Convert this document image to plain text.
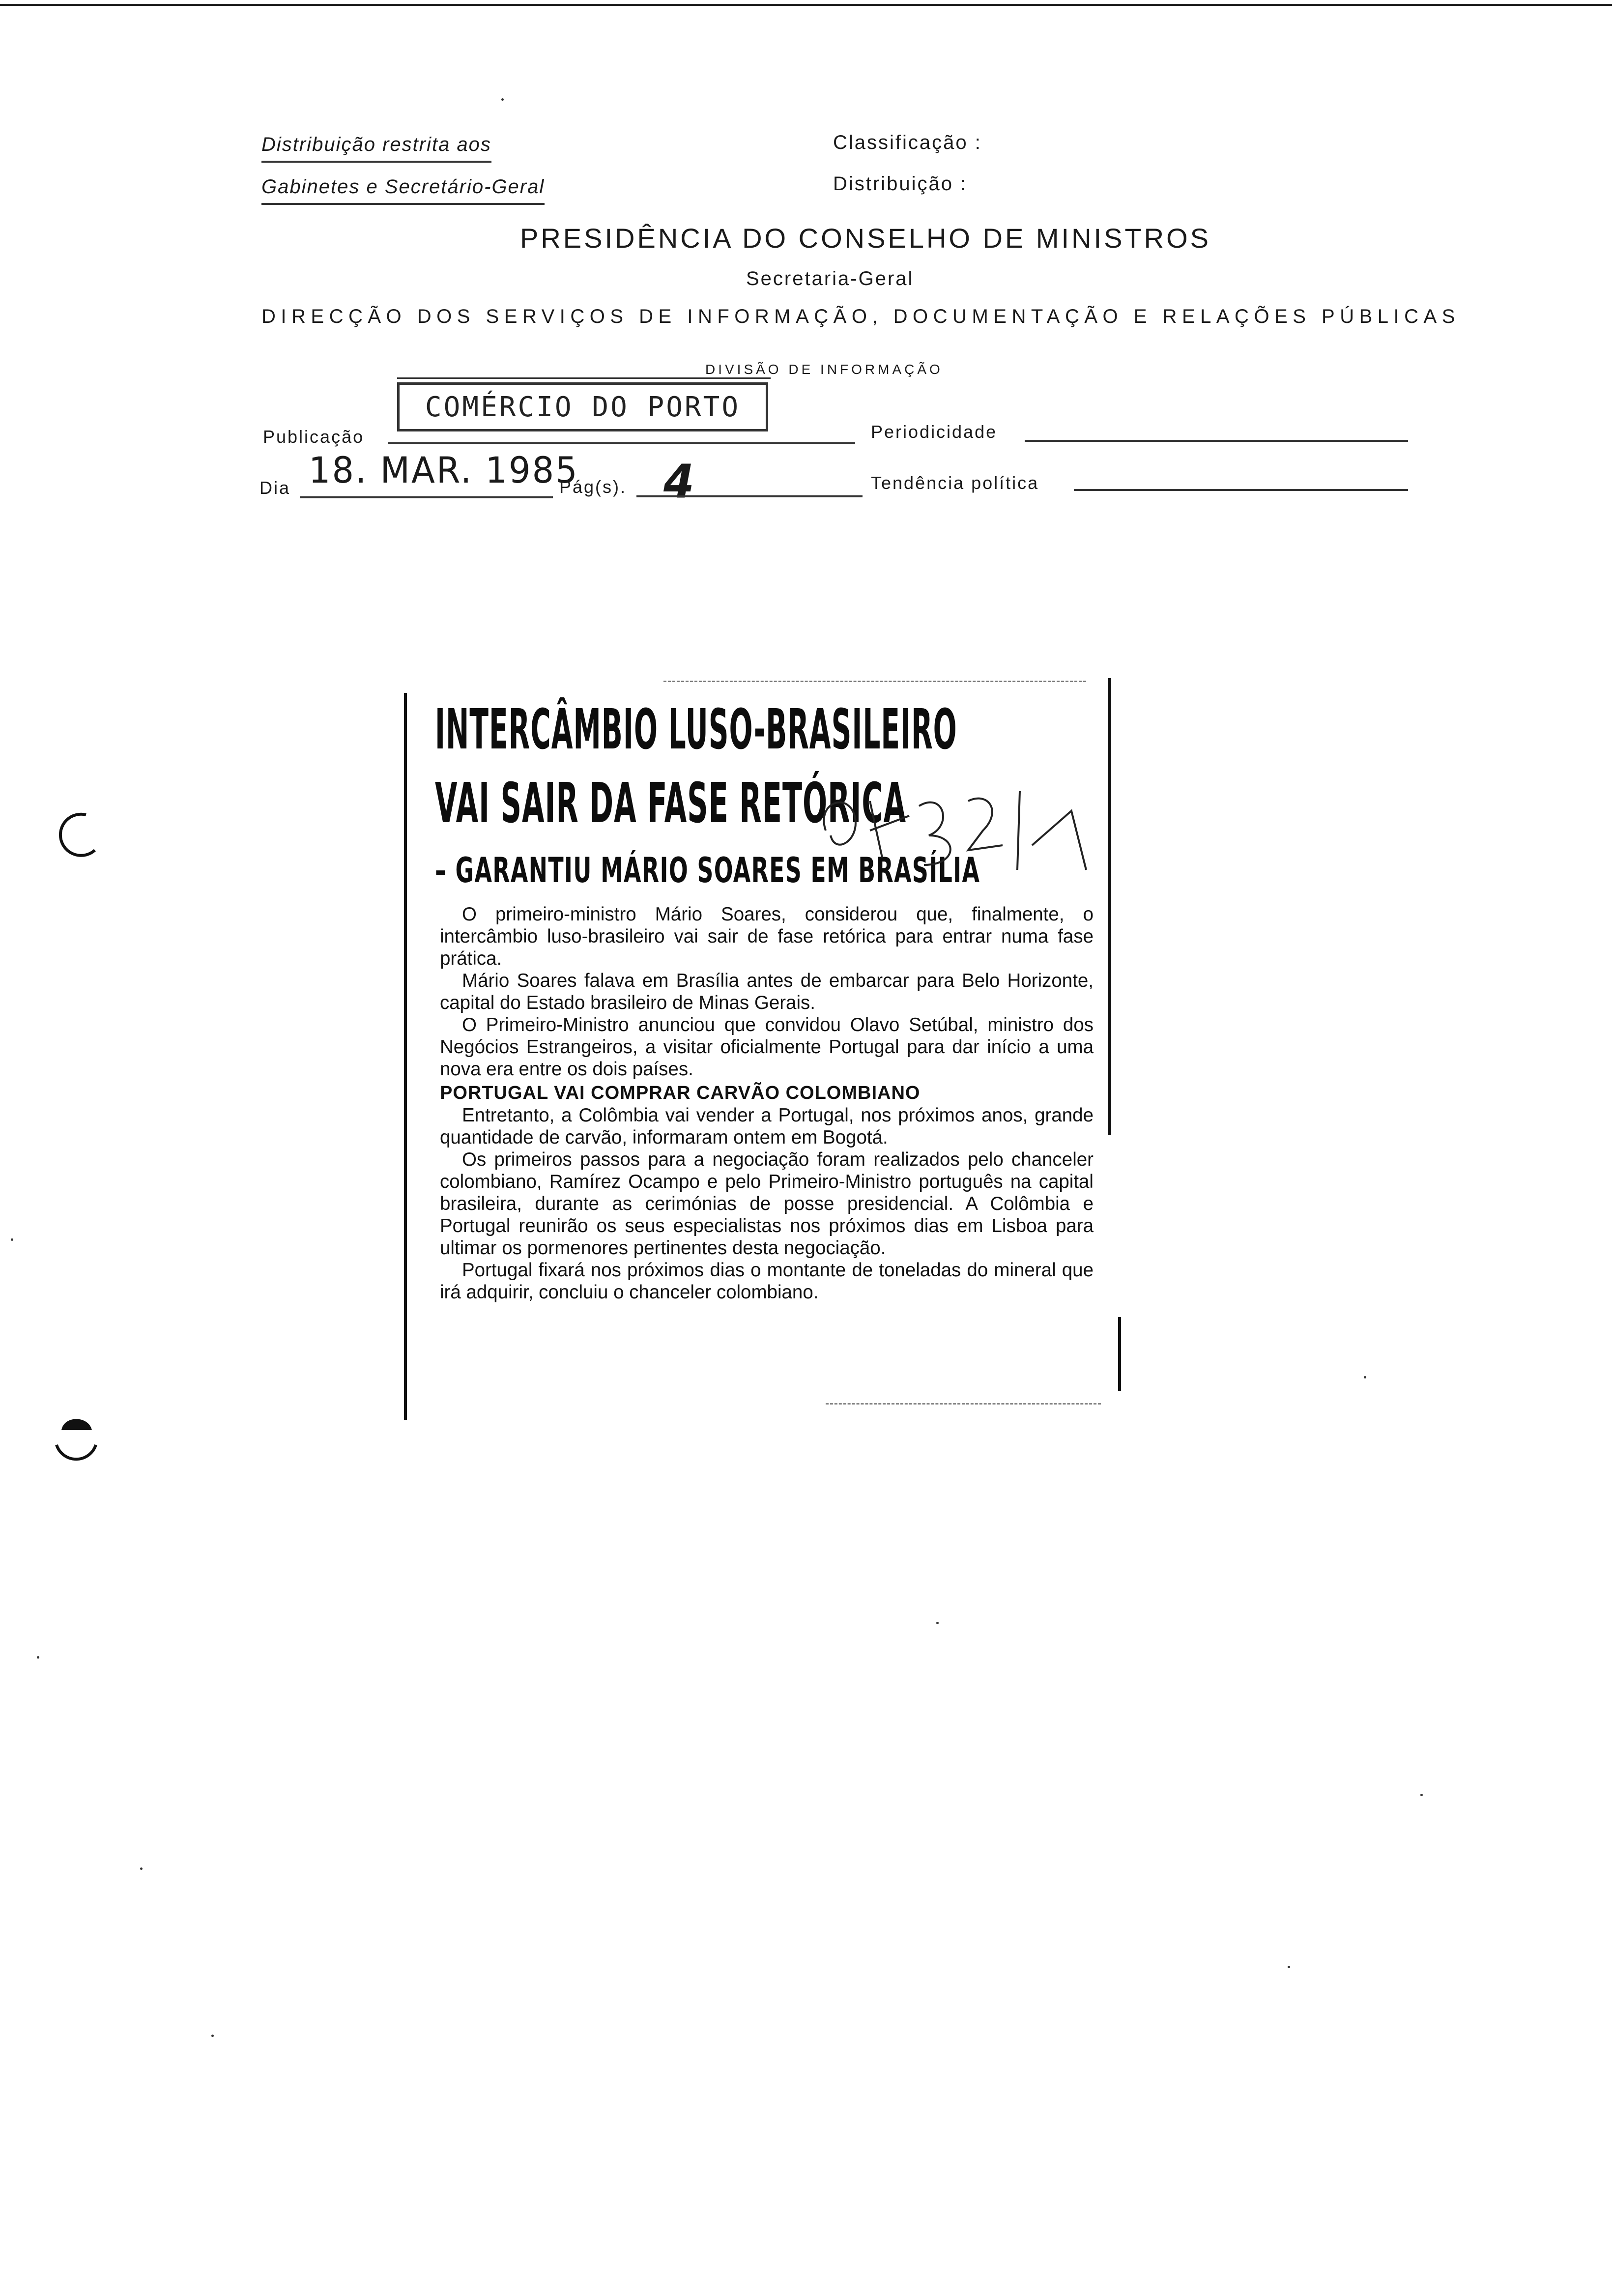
Distribuição restrita aos
Gabinetes e Secretário-Geral
Classificação :
Distribuição :
PRESIDÊNCIA DO CONSELHO DE MINISTROS
Secretaria-Geral
DIRECÇÃO DOS SERVIÇOS DE INFORMAÇÃO, DOCUMENTAÇÃO E RELAÇÕES PÚBLICAS
DIVISÃO DE INFORMAÇÃO
Publicação
COMÉRCIO DO PORTO
Periodicidade
Dia 18. MAR. 1985
Pág(s). 4	Tendência política
INTERCÂMBIO LUSO-BRASILEIRO
VAI SAIR DA FASE RETÓRICA
– GARANTIU MÁRIO SOARES EM BRASÍLIA

O primeiro-ministro Mário Soares, considerou que, finalmente, o intercâmbio luso-brasileiro vai sair de fase retórica para entrar numa fase prática.

Mário Soares falava em Brasília antes de embarcar para Belo Horizonte, capital do Estado brasileiro de Minas Gerais.

O Primeiro-Ministro anunciou que convidou Olavo Setúbal, ministro dos Negócios Estrangeiros, a visitar oficialmente Portugal para dar início a uma nova era entre os dois países.

PORTUGAL VAI COMPRAR CARVÃO COLOMBIANO

Entretanto, a Colômbia vai vender a Portugal, nos próximos anos, grande quantidade de carvão, informaram ontem em Bogotá.

Os primeiros passos para a negociação foram realizados pelo chanceler colombiano, Ramírez Ocampo e pelo Primeiro-Ministro português na capital brasileira, durante as cerimónias de posse presidencial. A Colômbia e Portugal reunirão os seus especialistas nos próximos dias em Lisboa para ultimar os pormenores pertinentes desta negociação.

Portugal fixará nos próximos dias o montante de toneladas do mineral que irá adquirir, concluiu o chanceler colombiano.
